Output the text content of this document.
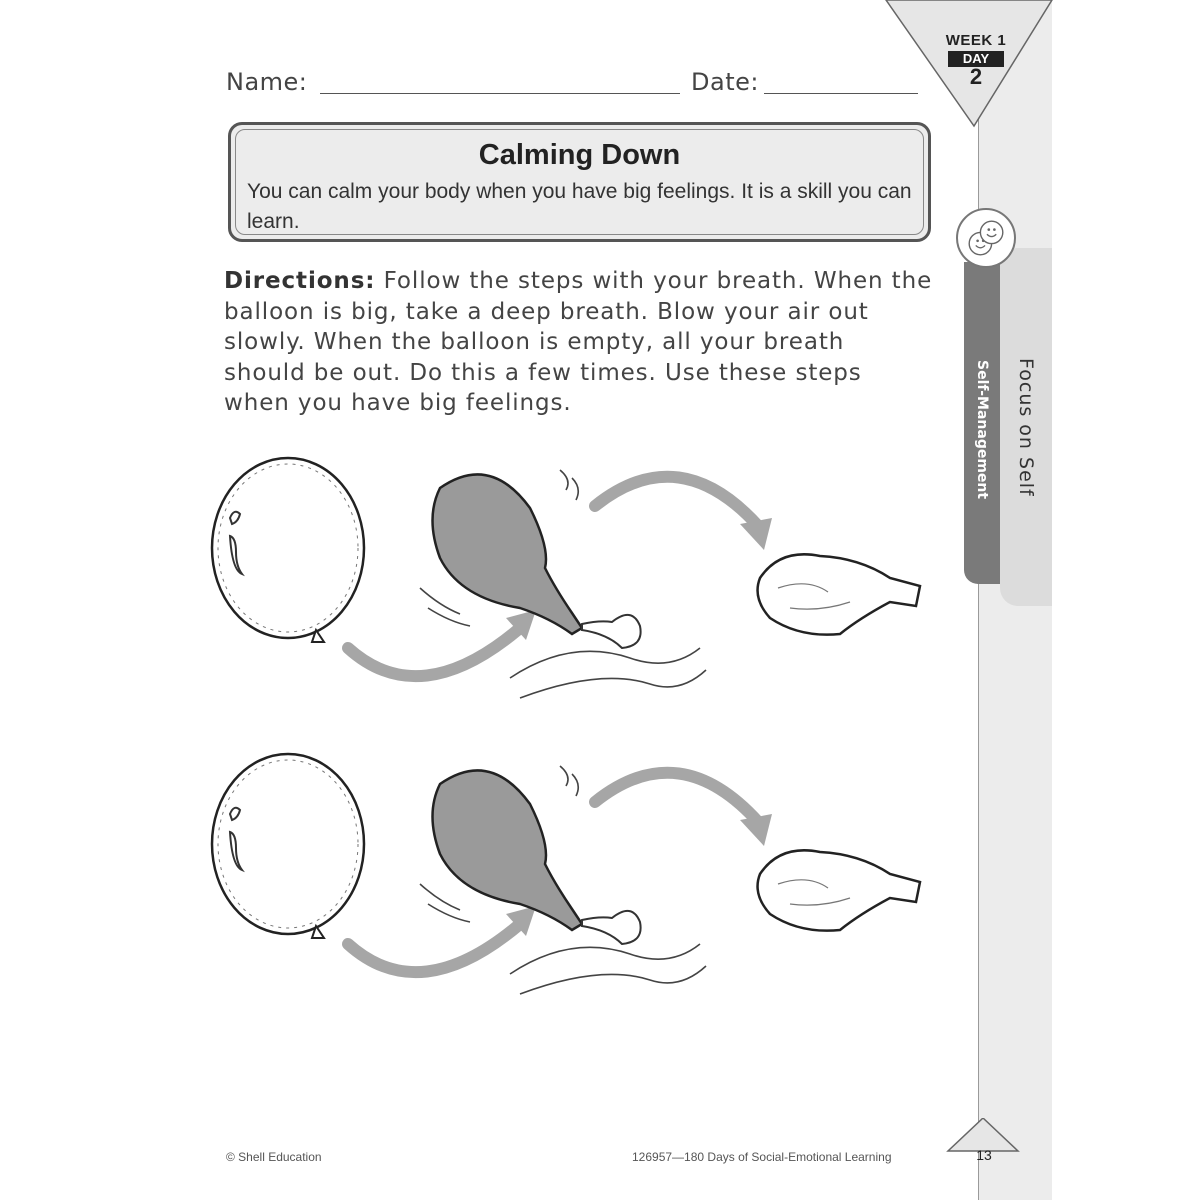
WEEK 1
DAY
2
Name:	Date:
Calming Down
You can calm your body when you have big feelings. It is a skill you can learn.
Directions: Follow the steps with your breath. When the balloon is big, take a deep breath. Blow your air out slowly. When the balloon is empty, all your breath should be out. Do this a few times. Use these steps when you have big feelings.	Focus on Self
Self-Management
© Shell Education	126957—180 Days of Social-Emotional Learning	13
